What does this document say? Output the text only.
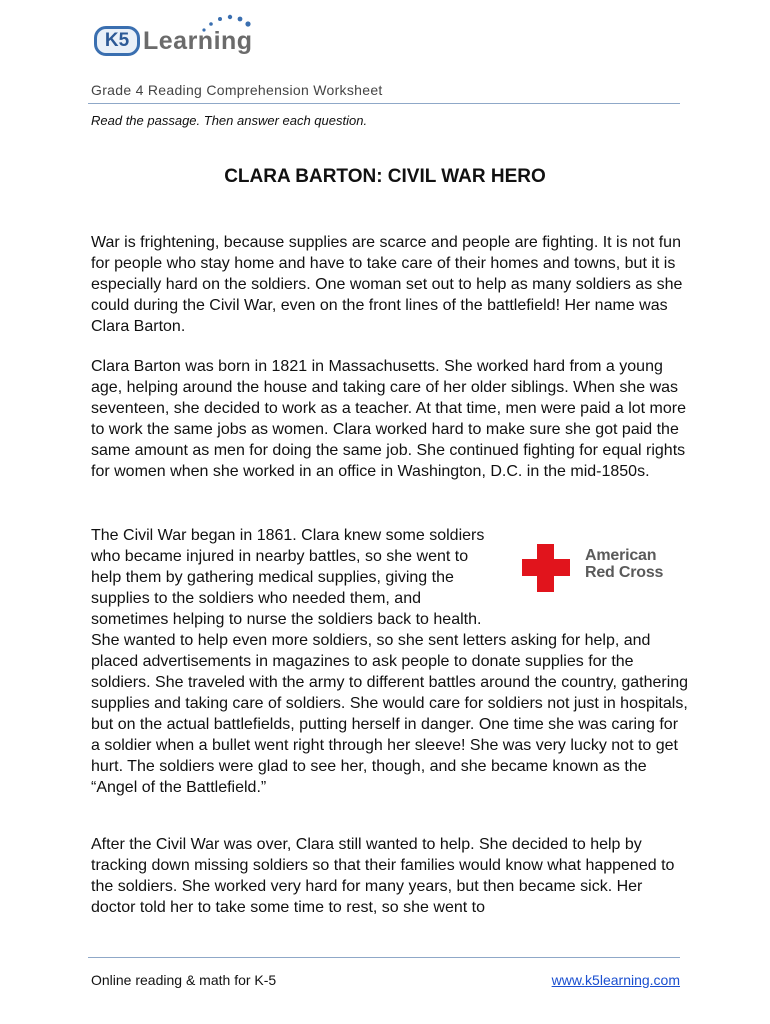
K5 Learning
Grade 4 Reading Comprehension Worksheet
Read the passage. Then answer each question.
CLARA BARTON: CIVIL WAR HERO

War is frightening, because supplies are scarce and people are fighting. It is not fun for people who stay home and have to take care of their homes and towns, but it is especially hard on the soldiers. One woman set out to help as many soldiers as she could during the Civil War, even on the front lines of the battlefield! Her name was Clara Barton.

Clara Barton was born in 1821 in Massachusetts. She worked hard from a young age, helping around the house and taking care of her older siblings. When she was seventeen, she decided to work as a teacher. At that time, men were paid a lot more to work the same jobs as women. Clara worked hard to make sure she got paid the same amount as men for doing the same job. She continued fighting for equal rights for women when she worked in an office in Washington, D.C. in the mid-1850s.

American
Red Cross
The Civil War began in 1861. Clara knew some soldiers who became injured in nearby battles, so she went to help them by gathering medical supplies, giving the supplies to the soldiers who needed them, and sometimes helping to nurse the soldiers back to health. She wanted to help even more soldiers, so she sent letters asking for help, and placed advertisements in magazines to ask people to donate supplies for the soldiers. She traveled with the army to different battles around the country, gathering supplies and taking care of soldiers. She would care for soldiers not just in hospitals, but on the actual battlefields, putting herself in danger. One time she was caring for a soldier when a bullet went right through her sleeve! She was very lucky not to get hurt. The soldiers were glad to see her, though, and she became known as the “Angel of the Battlefield.”

After the Civil War was over, Clara still wanted to help. She decided to help by tracking down missing soldiers so that their families would know what happened to the soldiers. She worked very hard for many years, but then became sick. Her doctor told her to take some time to rest, so she went to

Online reading & math for K-5	www.k5learning.com
